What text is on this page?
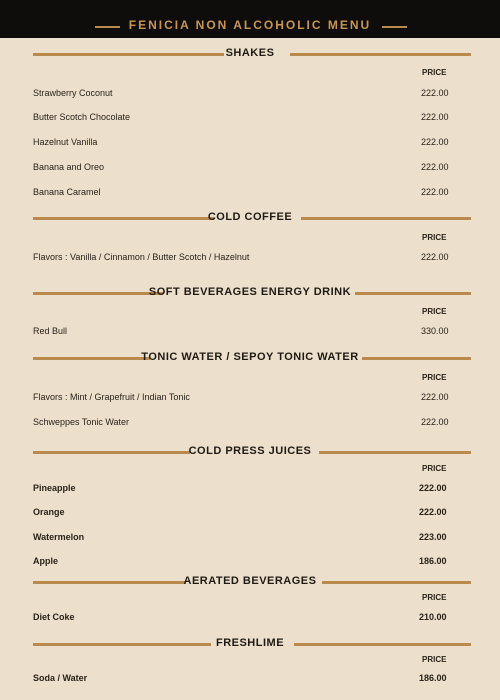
FENICIA NON ALCOHOLIC MENU
SHAKES
PRICE
Strawberry Coconut	222.00
Butter Scotch Chocolate	222.00
Hazelnut Vanilla	222.00
Banana and Oreo	222.00
Banana Caramel	222.00
COLD COFFEE
PRICE
Flavors : Vanilla / Cinnamon / Butter Scotch / Hazelnut	222.00
SOFT BEVERAGES ENERGY DRINK
PRICE
Red Bull	330.00
TONIC WATER / SEPOY TONIC WATER
PRICE
Flavors : Mint / Grapefruit / Indian Tonic	222.00
Schweppes Tonic Water	222.00
COLD PRESS JUICES
PRICE
Pineapple	222.00
Orange	222.00
Watermelon	223.00
Apple	186.00
AERATED BEVERAGES
PRICE
Diet Coke	210.00
FRESHLIME
PRICE
Soda / Water	186.00
